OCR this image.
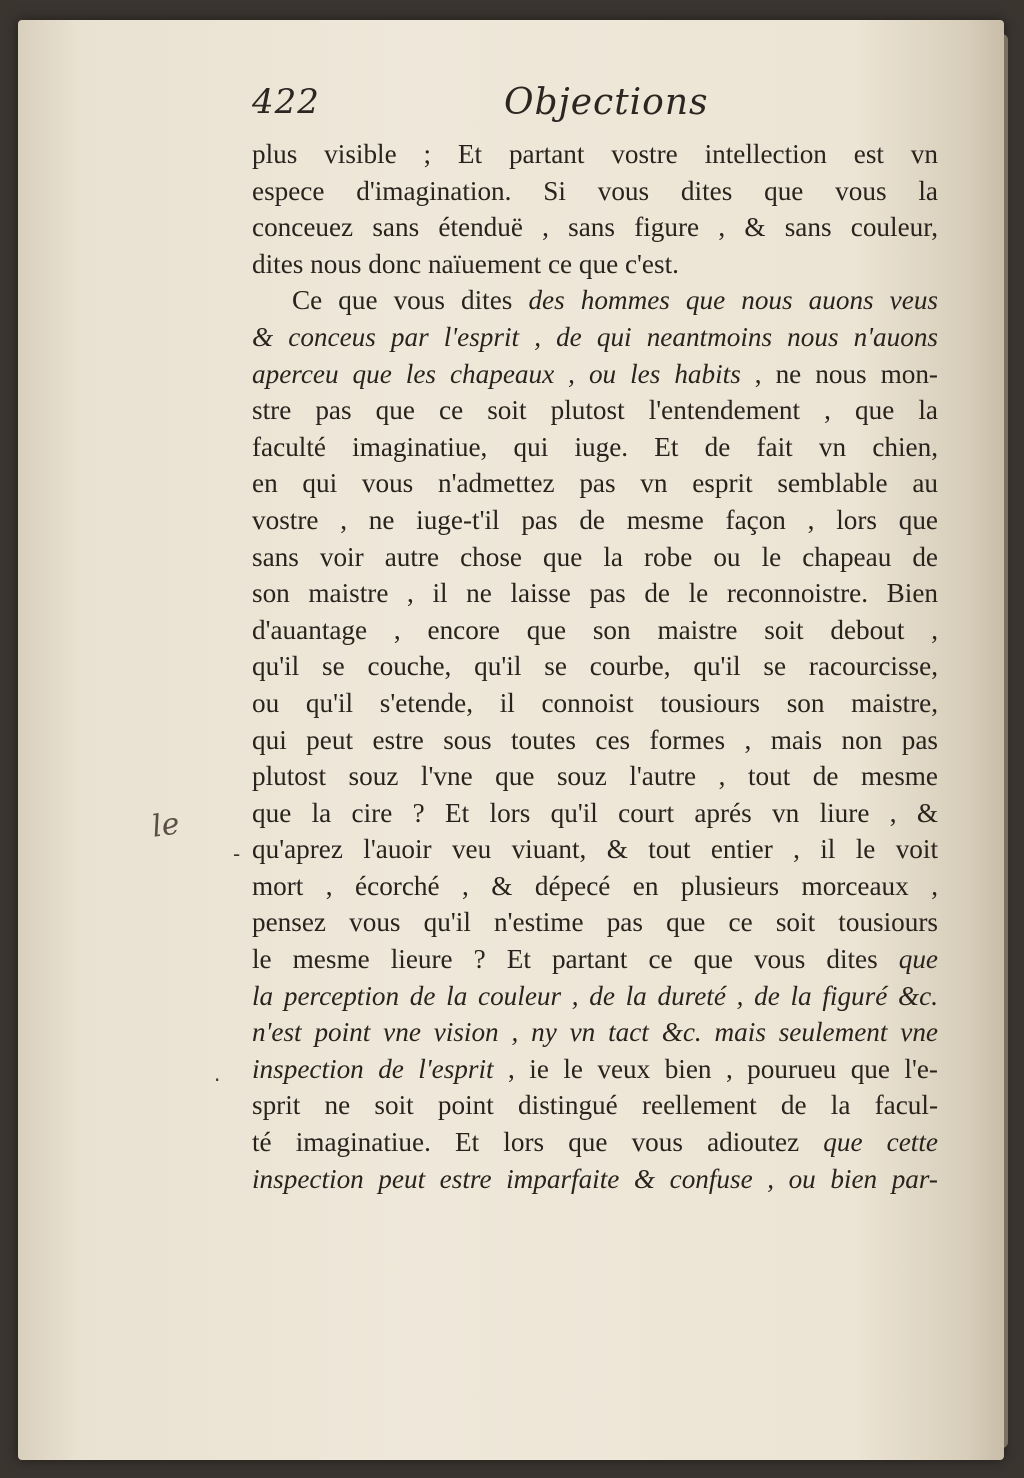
422	Objections
le
-
·
plus visible ; Et partant vostre intellection est vn
espece d'imagination. Si vous dites que vous la
conceuez sans étenduë , sans figure , & sans couleur,
dites nous donc naïuement ce que c'est.
Ce que vous dites des hommes que nous auons veus
& conceus par l'esprit , de qui neantmoins nous n'auons
aperceu que les chapeaux , ou les habits , ne nous mon-
stre pas que ce soit plutost l'entendement , que la
faculté imaginatiue, qui iuge. Et de fait vn chien,
en qui vous n'admettez pas vn esprit semblable au
vostre , ne iuge-t'il pas de mesme façon , lors que
sans voir autre chose que la robe ou le chapeau de
son maistre , il ne laisse pas de le reconnoistre. Bien
d'auantage , encore que son maistre soit debout ,
qu'il se couche, qu'il se courbe, qu'il se racourcisse,
ou qu'il s'etende, il connoist tousiours son maistre,
qui peut estre sous toutes ces formes , mais non pas
plutost souz l'vne que souz l'autre , tout de mesme
que la cire ? Et lors qu'il court aprés vn liure , &
qu'aprez l'auoir veu viuant, & tout entier , il le voit
mort , écorché , & dépecé en plusieurs morceaux ,
pensez vous qu'il n'estime pas que ce soit tousiours
le mesme lieure ? Et partant ce que vous dites que
la perception de la couleur , de la dureté , de la figuré &c.
n'est point vne vision , ny vn tact &c. mais seulement vne
inspection de l'esprit , ie le veux bien , pourueu que l'e-
sprit ne soit point distingué reellement de la facul-
té imaginatiue. Et lors que vous adioutez que cette
inspection peut estre imparfaite & confuse , ou bien par-
